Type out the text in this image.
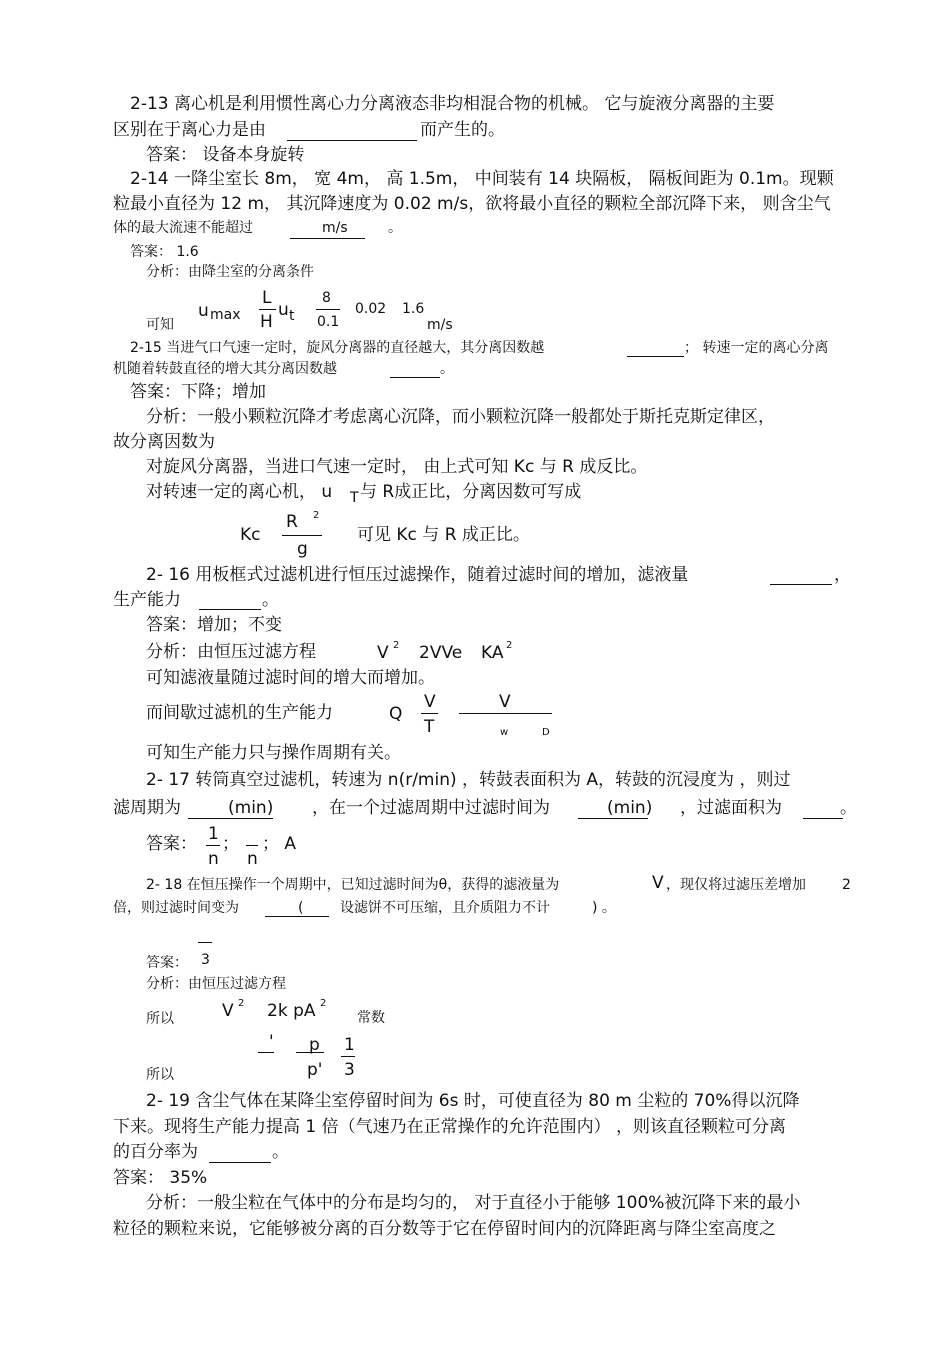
2-13 离心机是利用惯性离心力分离液态非均相混合物的机械。 它与旋液分离器的主要
区别在于离心力是由	而产生的。
答案： 设备本身旋转
2-14 一降尘室长 8m， 宽 4m， 高 1.5m， 中间装有 14 块隔板， 隔板间距为 0.1m。现颗
粒最小直径为 12 m， 其沉降速度为 0.02 m/s，欲将最小直径的颗粒全部沉降下来， 则含尘气
体的最大流速不能超过	m/s	。
答案： 1.6
分析：由降尘室的分离条件
可知
u max
L
H
u t
8
0.1
0.02 1.6
m/s
2-15 当进气口气速一定时，旋风分离器的直径越大，其分离因数越	； 转速一定的离心分离
机随着转鼓直径的增大其分离因数越	。
答案：下降；增加
分析：一般小颗粒沉降才考虑离心沉降，而小颗粒沉降一般都处于斯托克斯定律区，
故分离因数为
对旋风分离器，当进口气速一定时， 由上式可知 Kc 与 R 成反比。
对转速一定的离心机， u T 与 R成正比，分离因数可写成
Kc
R 2
g
可见 Kc 与 R 成正比。
2- 16 用板框式过滤机进行恒压过滤操作，随着过滤时间的增加，滤液量	，
生产能力	。
答案：增加；不变
分析：由恒压过滤方程	V 2 2VVe KA 2
可知滤液量随过滤时间的增大而增加。
而间歇过滤机的生产能力	Q
V
T
V
w	D
可知生产能力只与操作周期有关。
2- 17 转筒真空过滤机，转速为 n(r/min) ，转鼓表面积为 A，转鼓的沉浸度为 ，则过
滤周期为	(min) ，在一个过滤周期中过滤时间为	(min) ，过滤面积为	。
答案： 1
n
；
n
； A
2- 18 在恒压操作一个周期中，已知过滤时间为θ，获得的滤液量为	V ，现仅将过滤压差增加	2
倍，则过滤时间变为	(	设滤饼不可压缩，且介质阻力不计	) 。
答案： 3
分析：由恒压过滤方程
所以	V 2 2k pA 2
常数
' p
p'
1
3
所以
2- 19 含尘气体在某降尘室停留时间为 6s 时，可使直径为 80 m 尘粒的 70%得以沉降
下来。现将生产能力提高 1 倍（气速乃在正常操作的允许范围内） ，则该直径颗粒可分离
的百分率为	。
答案： 35%
分析：一般尘粒在气体中的分布是均匀的， 对于直径小于能够 100%被沉降下来的最小
粒径的颗粒来说，它能够被分离的百分数等于它在停留时间内的沉降距离与降尘室高度之
